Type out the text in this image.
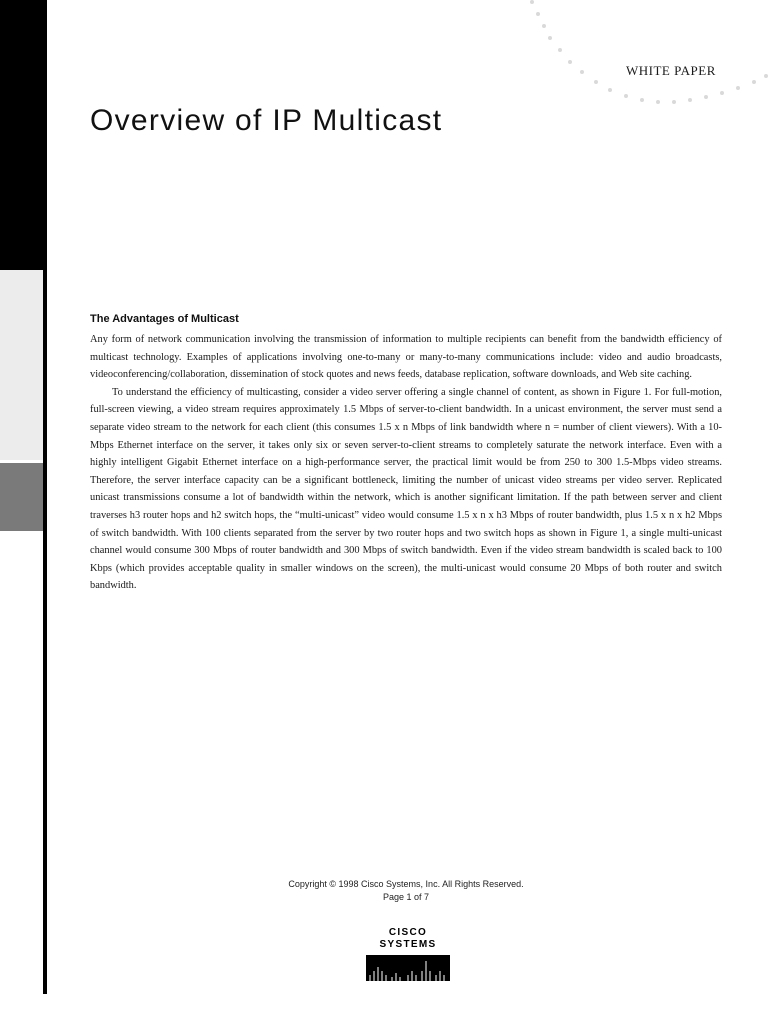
WHITE PAPER
Overview of IP Multicast
The Advantages of Multicast

Any form of network communication involving the transmission of information to multiple recipients can benefit from the bandwidth efficiency of multicast technology. Examples of applications involving one-to-many or many-to-many communications include: video and audio broadcasts, videoconferencing/collaboration, dissemination of stock quotes and news feeds, database replication, software downloads, and Web site caching.

To understand the efficiency of multicasting, consider a video server offering a single channel of content, as shown in Figure 1. For full-motion, full-screen viewing, a video stream requires approximately 1.5 Mbps of server-to-client bandwidth. In a unicast environment, the server must send a separate video stream to the network for each client (this consumes 1.5 x n Mbps of link bandwidth where n = number of client viewers). With a 10-Mbps Ethernet interface on the server, it takes only six or seven server-to-client streams to completely saturate the network interface. Even with a highly intelligent Gigabit Ethernet interface on a high-performance server, the practical limit would be from 250 to 300 1.5-Mbps video streams. Therefore, the server interface capacity can be a significant bottleneck, limiting the number of unicast video streams per video server. Replicated unicast transmissions consume a lot of bandwidth within the network, which is another significant limitation. If the path between server and client traverses h3 router hops and h2 switch hops, the “multi-unicast” video would consume 1.5 x n x h3 Mbps of router bandwidth, plus 1.5 x n x h2 Mbps of switch bandwidth. With 100 clients separated from the server by two router hops and two switch hops as shown in Figure 1, a single multi-unicast channel would consume 300 Mbps of router bandwidth and 300 Mbps of switch bandwidth. Even if the video stream bandwidth is scaled back to 100 Kbps (which provides acceptable quality in smaller windows on the screen), the multi-unicast would consume 20 Mbps of both router and switch bandwidth.

Copyright © 1998 Cisco Systems, Inc. All Rights Reserved.
Page 1 of 7
CISCO SYSTEMS
